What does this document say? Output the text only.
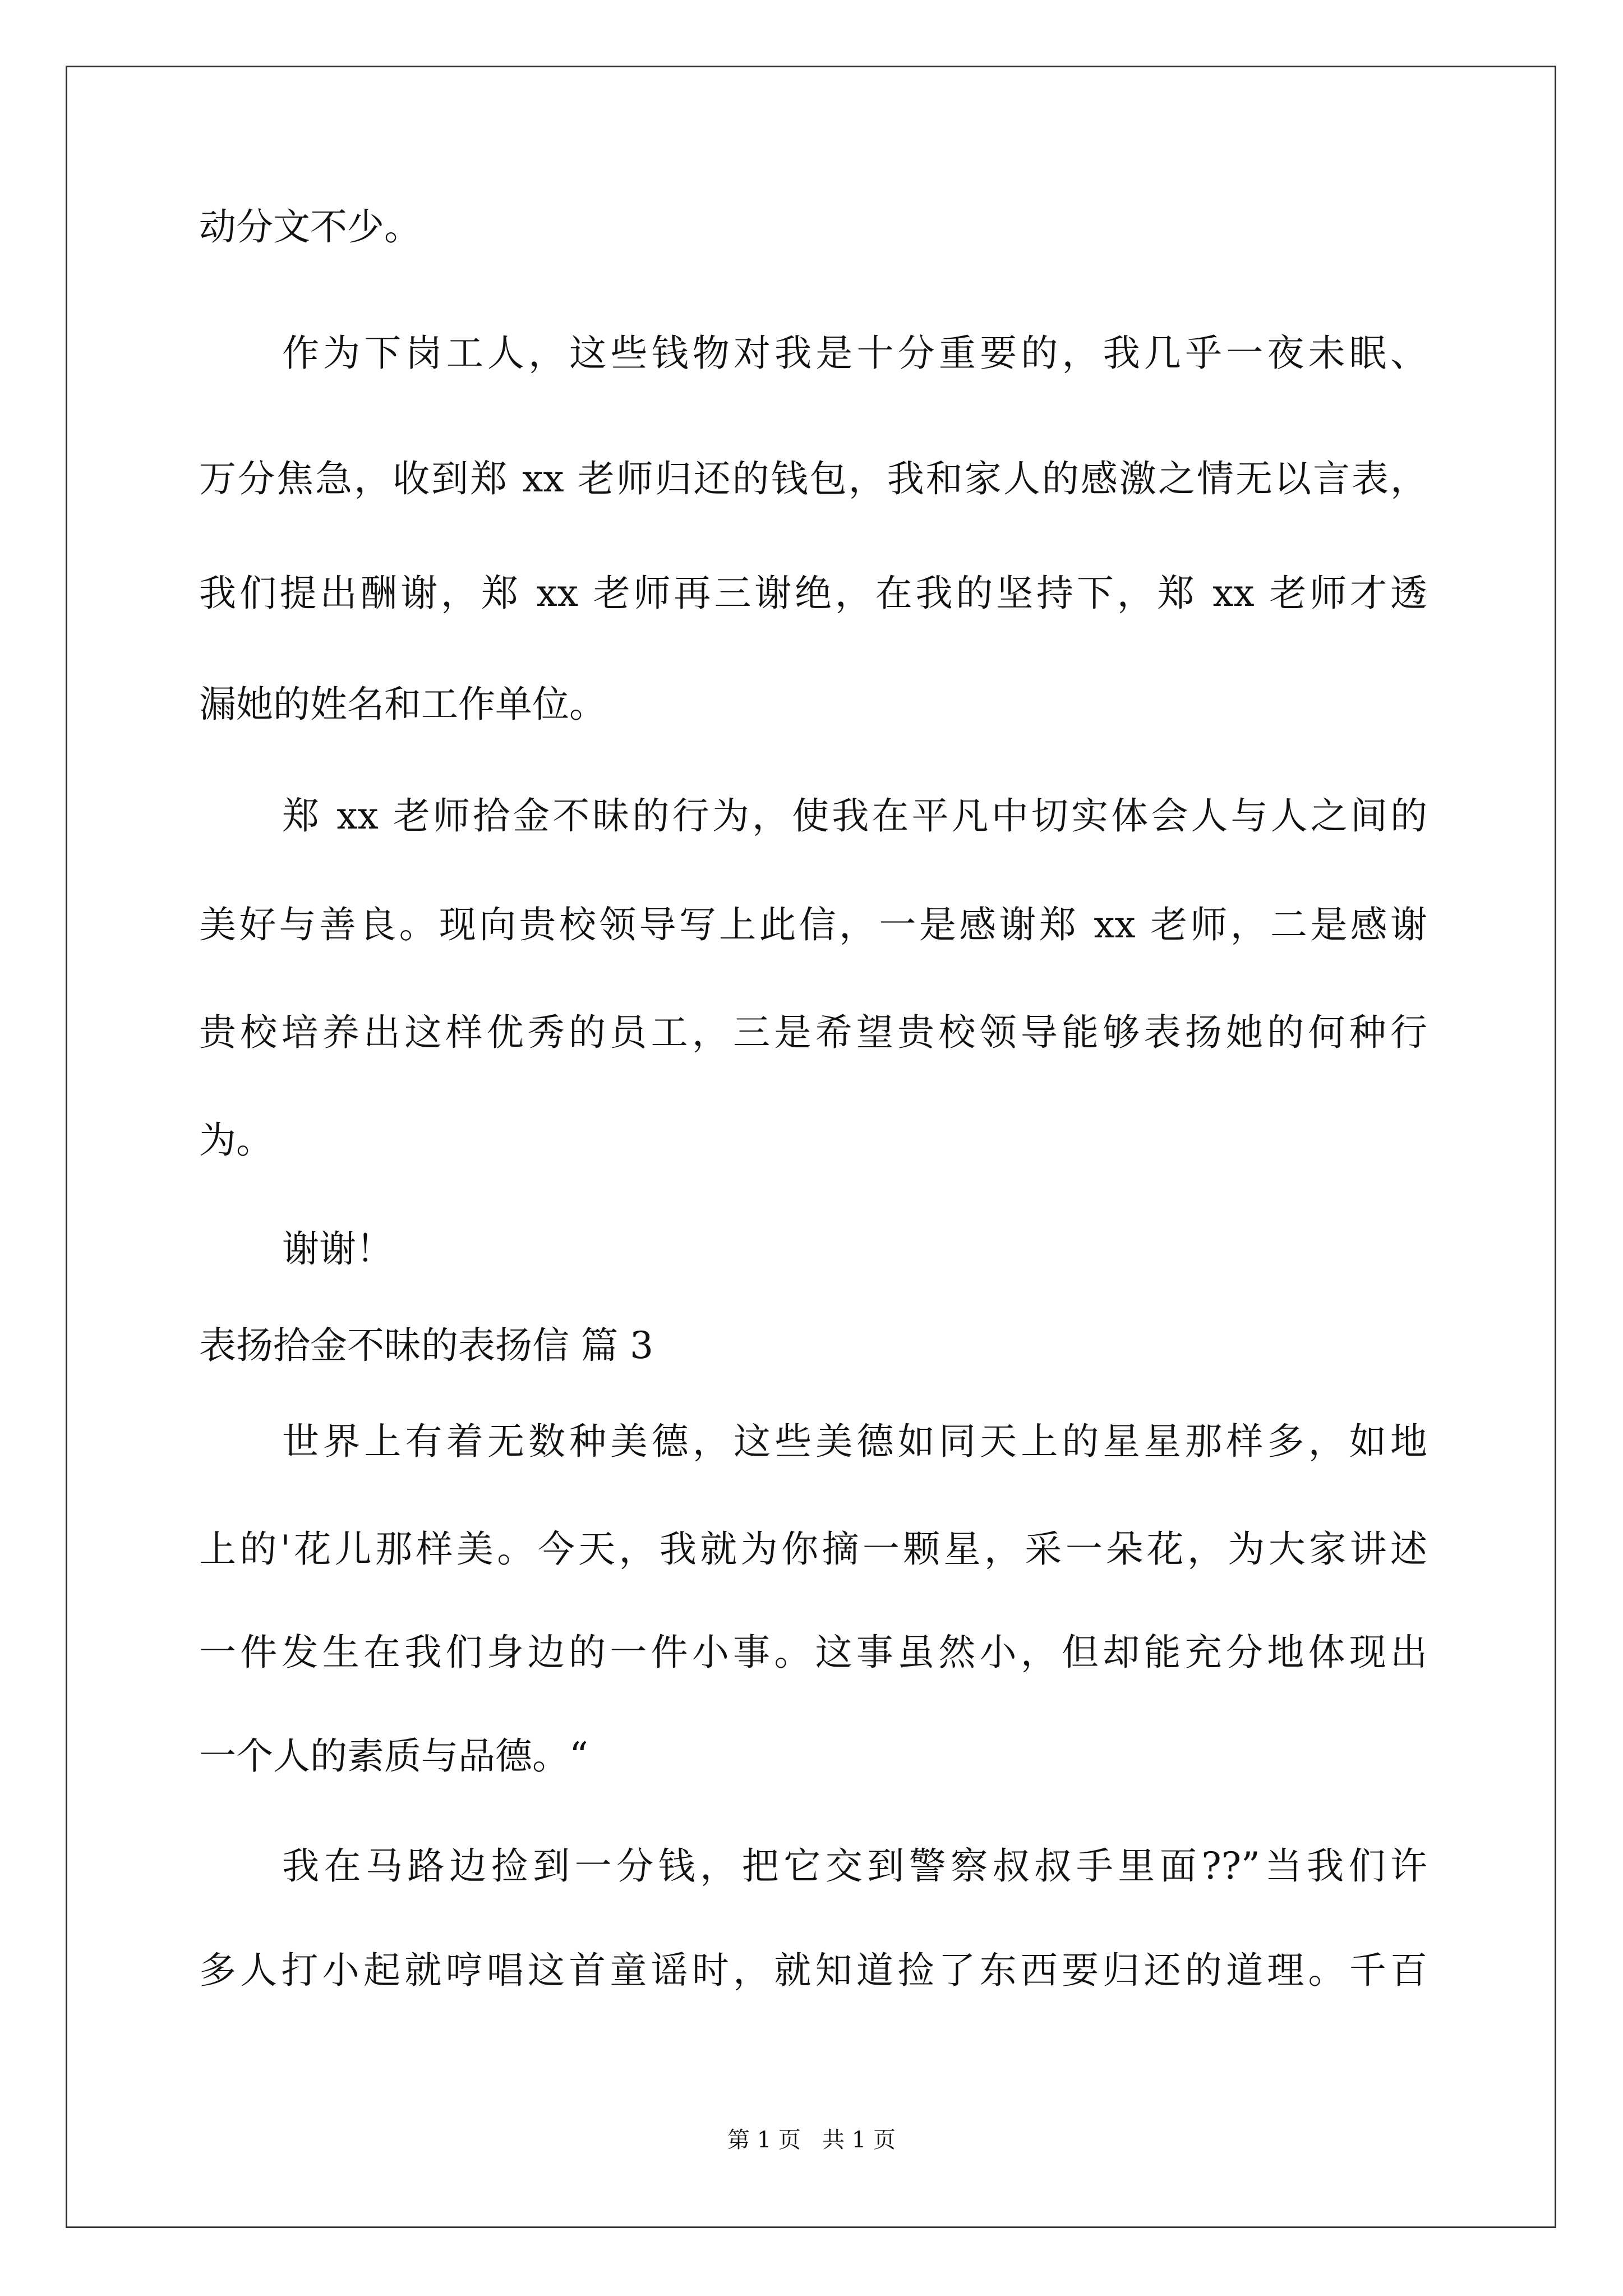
动分文不少。
作为下岗工人，这些钱物对我是十分重要的，我几乎一夜未眠、
万分焦急，收到郑 xx 老师归还的钱包，我和家人的感激之情无以言表，
我们提出酬谢，郑 xx 老师再三谢绝，在我的坚持下，郑 xx 老师才透
漏她的姓名和工作单位。
郑 xx 老师拾金不昧的行为，使我在平凡中切实体会人与人之间的
美好与善良。现向贵校领导写上此信，一是感谢郑 xx 老师，二是感谢
贵校培养出这样优秀的员工，三是希望贵校领导能够表扬她的何种行
为。
谢谢！
表扬拾金不昧的表扬信 篇 3
世界上有着无数种美德，这些美德如同天上的星星那样多，如地
上的'花儿那样美。今天，我就为你摘一颗星，采一朵花，为大家讲述
一件发生在我们身边的一件小事。这事虽然小，但却能充分地体现出
一个人的素质与品德。“
我在马路边捡到一分钱，把它交到警察叔叔手里面??”当我们许
多人打小起就哼唱这首童谣时，就知道捡了东西要归还的道理。千百
第 1 页   共 1 页
